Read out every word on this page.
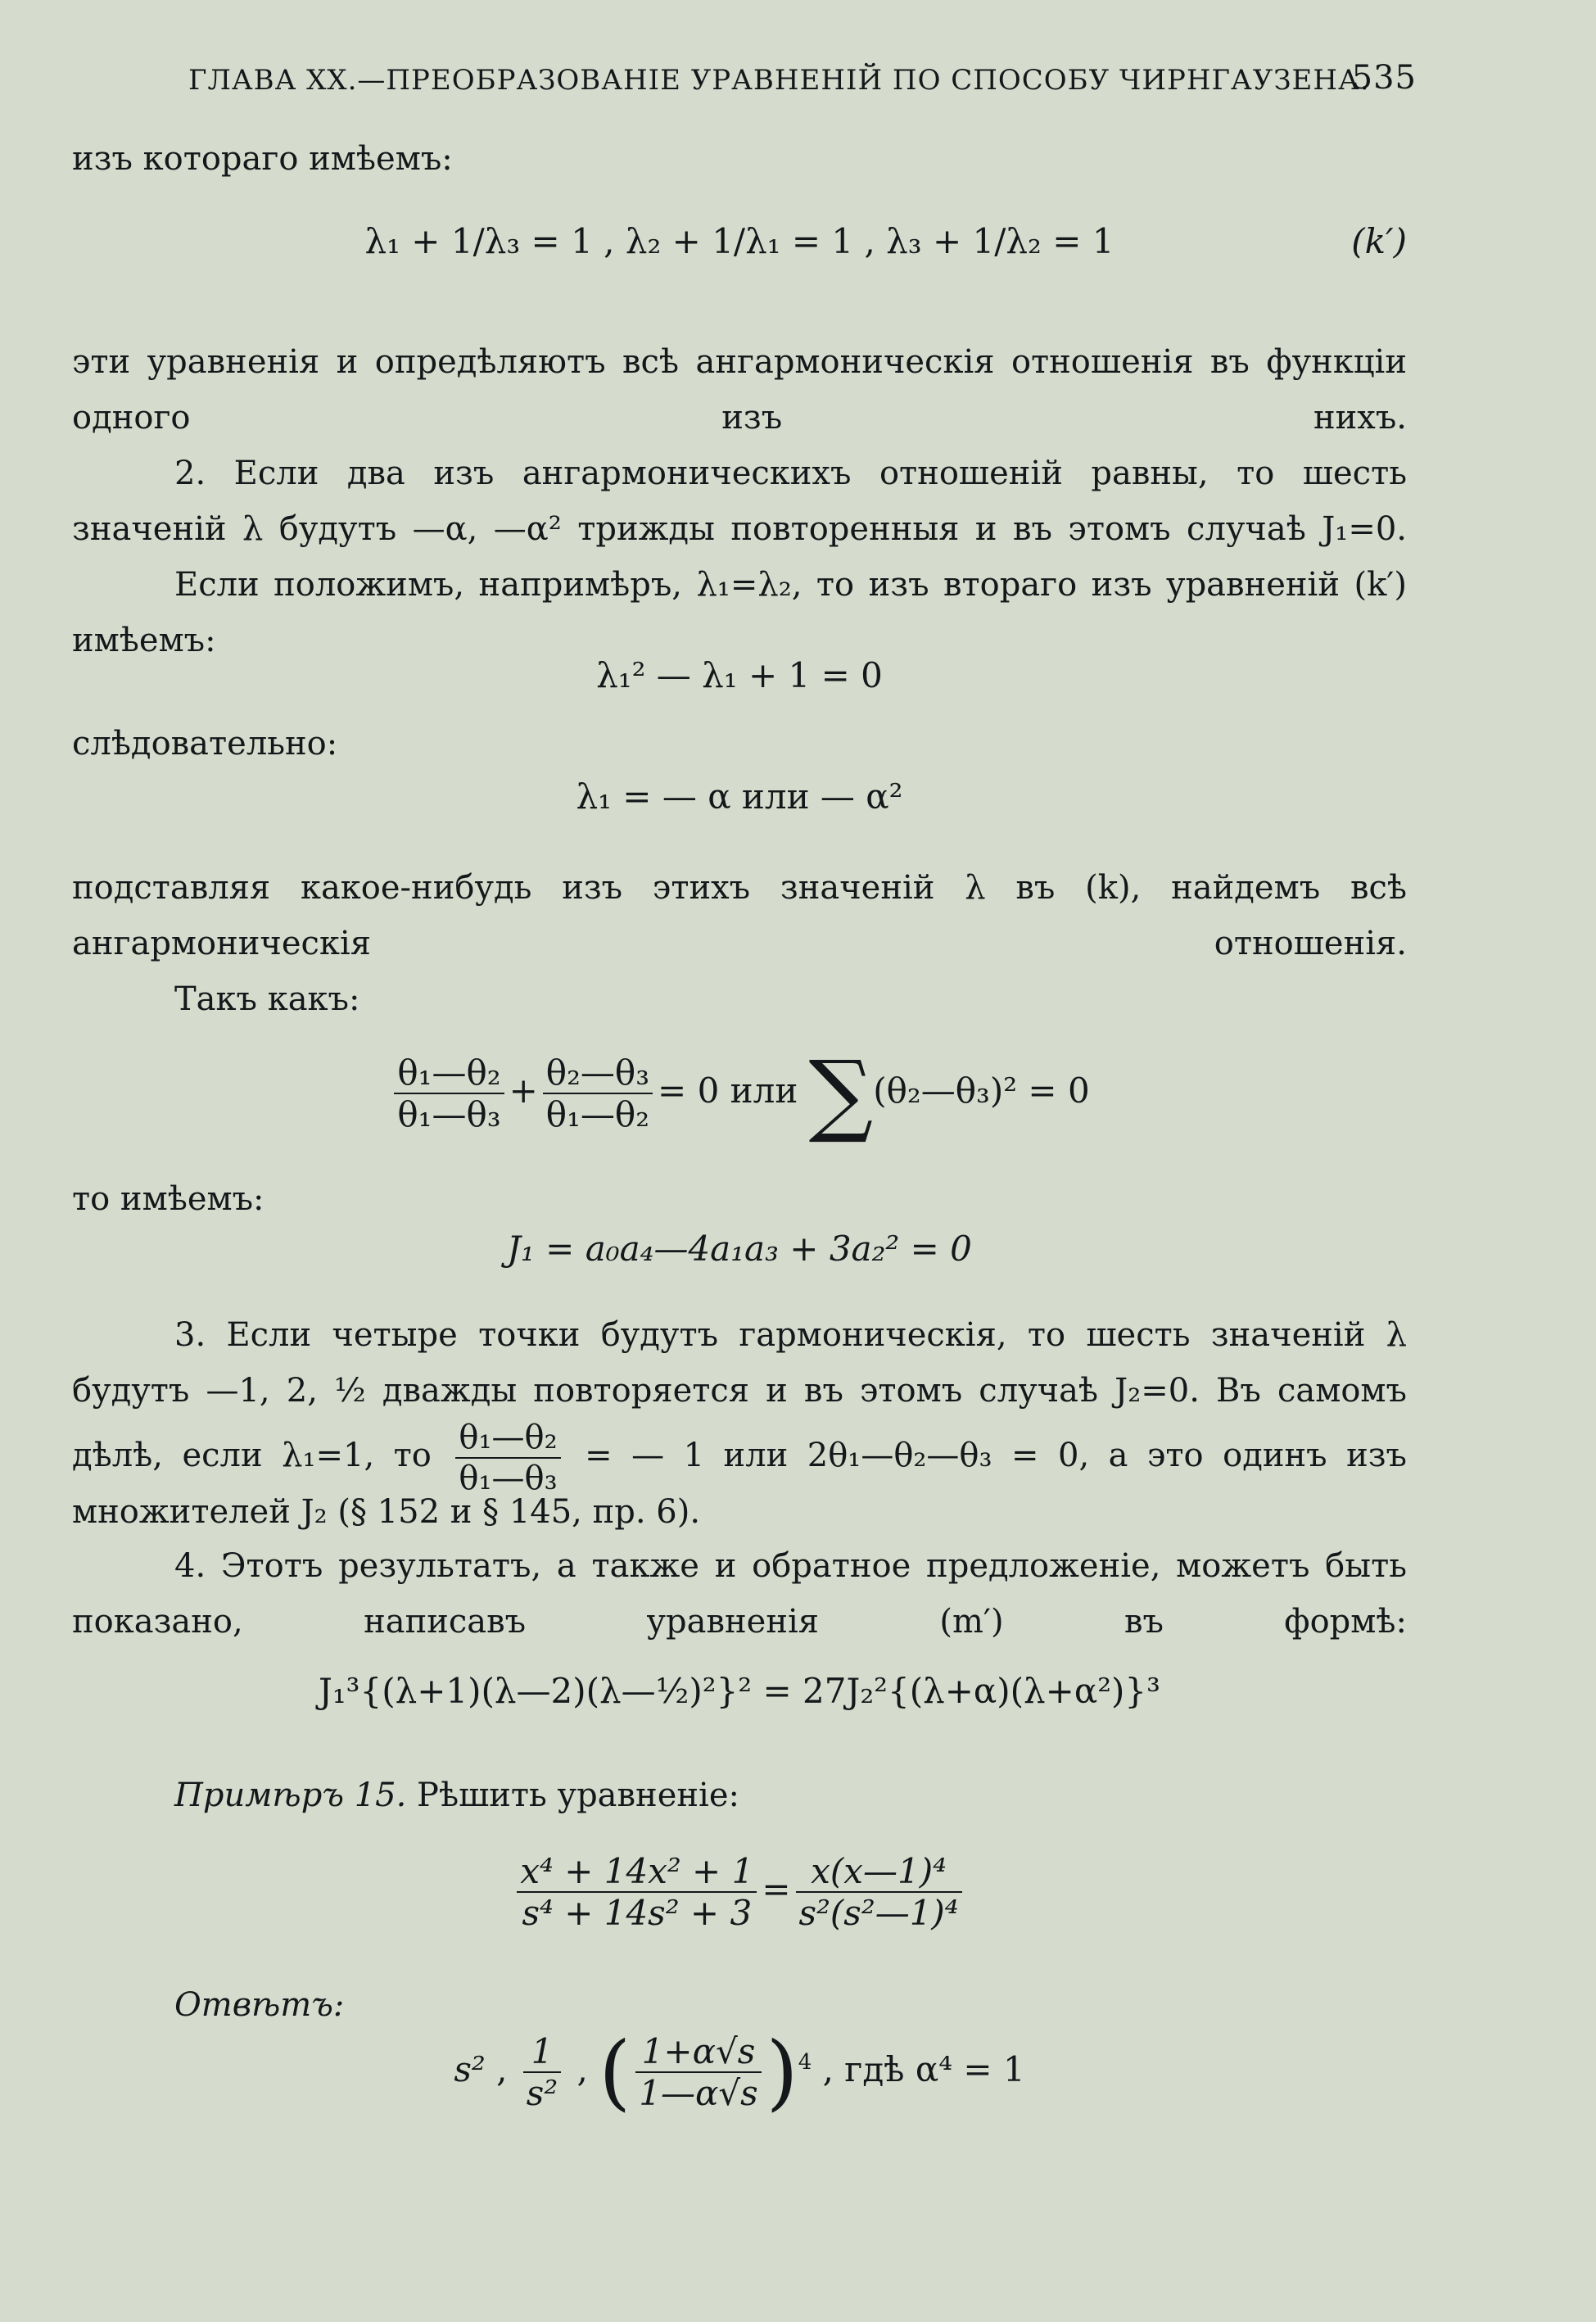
ГЛАВА XX.—ПРЕОБРАЗОВАНІЕ УРАВНЕНІЙ ПО СПОСОБУ ЧИРНГАУЗЕНА.
535
изъ котораго имѣемъ:
λ₁ + 1/λ₃ = 1 , λ₂ + 1/λ₁ = 1 , λ₃ + 1/λ₂ = 1	(k′)
эти уравненія и опредѣляютъ всѣ ангармоническія отношенія въ функціи одного изъ нихъ.
2. Если два изъ ангармоническихъ отношеній равны, то шесть значеній λ будутъ —α, —α² трижды повторенныя и въ этомъ случаѣ J₁=0.
Если положимъ, напримѣръ, λ₁=λ₂, то изъ втораго изъ уравненій (k′) имѣемъ:
λ₁² — λ₁ + 1 = 0
слѣдовательно:
λ₁ = — α или — α²
подставляя какое-нибудь изъ этихъ значеній λ въ (k), найдемъ всѣ ангармоническія отношенія.
Такъ какъ:
$\frac{\text{θ₁—θ₂}}{\text{θ₁—θ₃}} + \frac{\text{θ₂—θ₃}}{\text{θ₁—θ₂}} = 0$ или ∑(θ₂—θ₃)² = 0
то имѣемъ:
J₁ = a₀a₄—4a₁a₃ + 3a₂² = 0
3. Если четыре точки будутъ гармоническія, то шесть значеній λ будутъ —1, 2, ½ дважды повторяется и въ этомъ случаѣ J₂=0. Въ самомъ
дѣлѣ, если λ₁=1, то $\frac{\text{θ₁—θ₂}}{\text{θ₁—θ₃}}$ = — 1 или 2θ₁—θ₂—θ₃ = 0, а это одинъ изъ
множителей J₂ (§ 152 и § 145, пр. 6).
4. Этотъ результатъ, а также и обратное предложеніе, можетъ быть показано, написавъ уравненія (m′) въ формѣ:
J₁³{(λ+1)(λ—2)(λ—½)²}² = 27J₂²{(λ+α)(λ+α²)}³
Примѣръ 15. Рѣшить уравненіе:
$\frac{\text{x⁴ + 14x² + 1}}{\text{s⁴ + 14s² + 3}} = \frac{\text{x(x—1)⁴}}{\text{s²(s²—1)⁴}}$
Отвѣтъ:
s² , $\frac{1}{\text{s²}}$ , ( $\frac{1+\alpha√s}{1—\alpha√s} )^4$ , гдѣ α⁴ = 1
